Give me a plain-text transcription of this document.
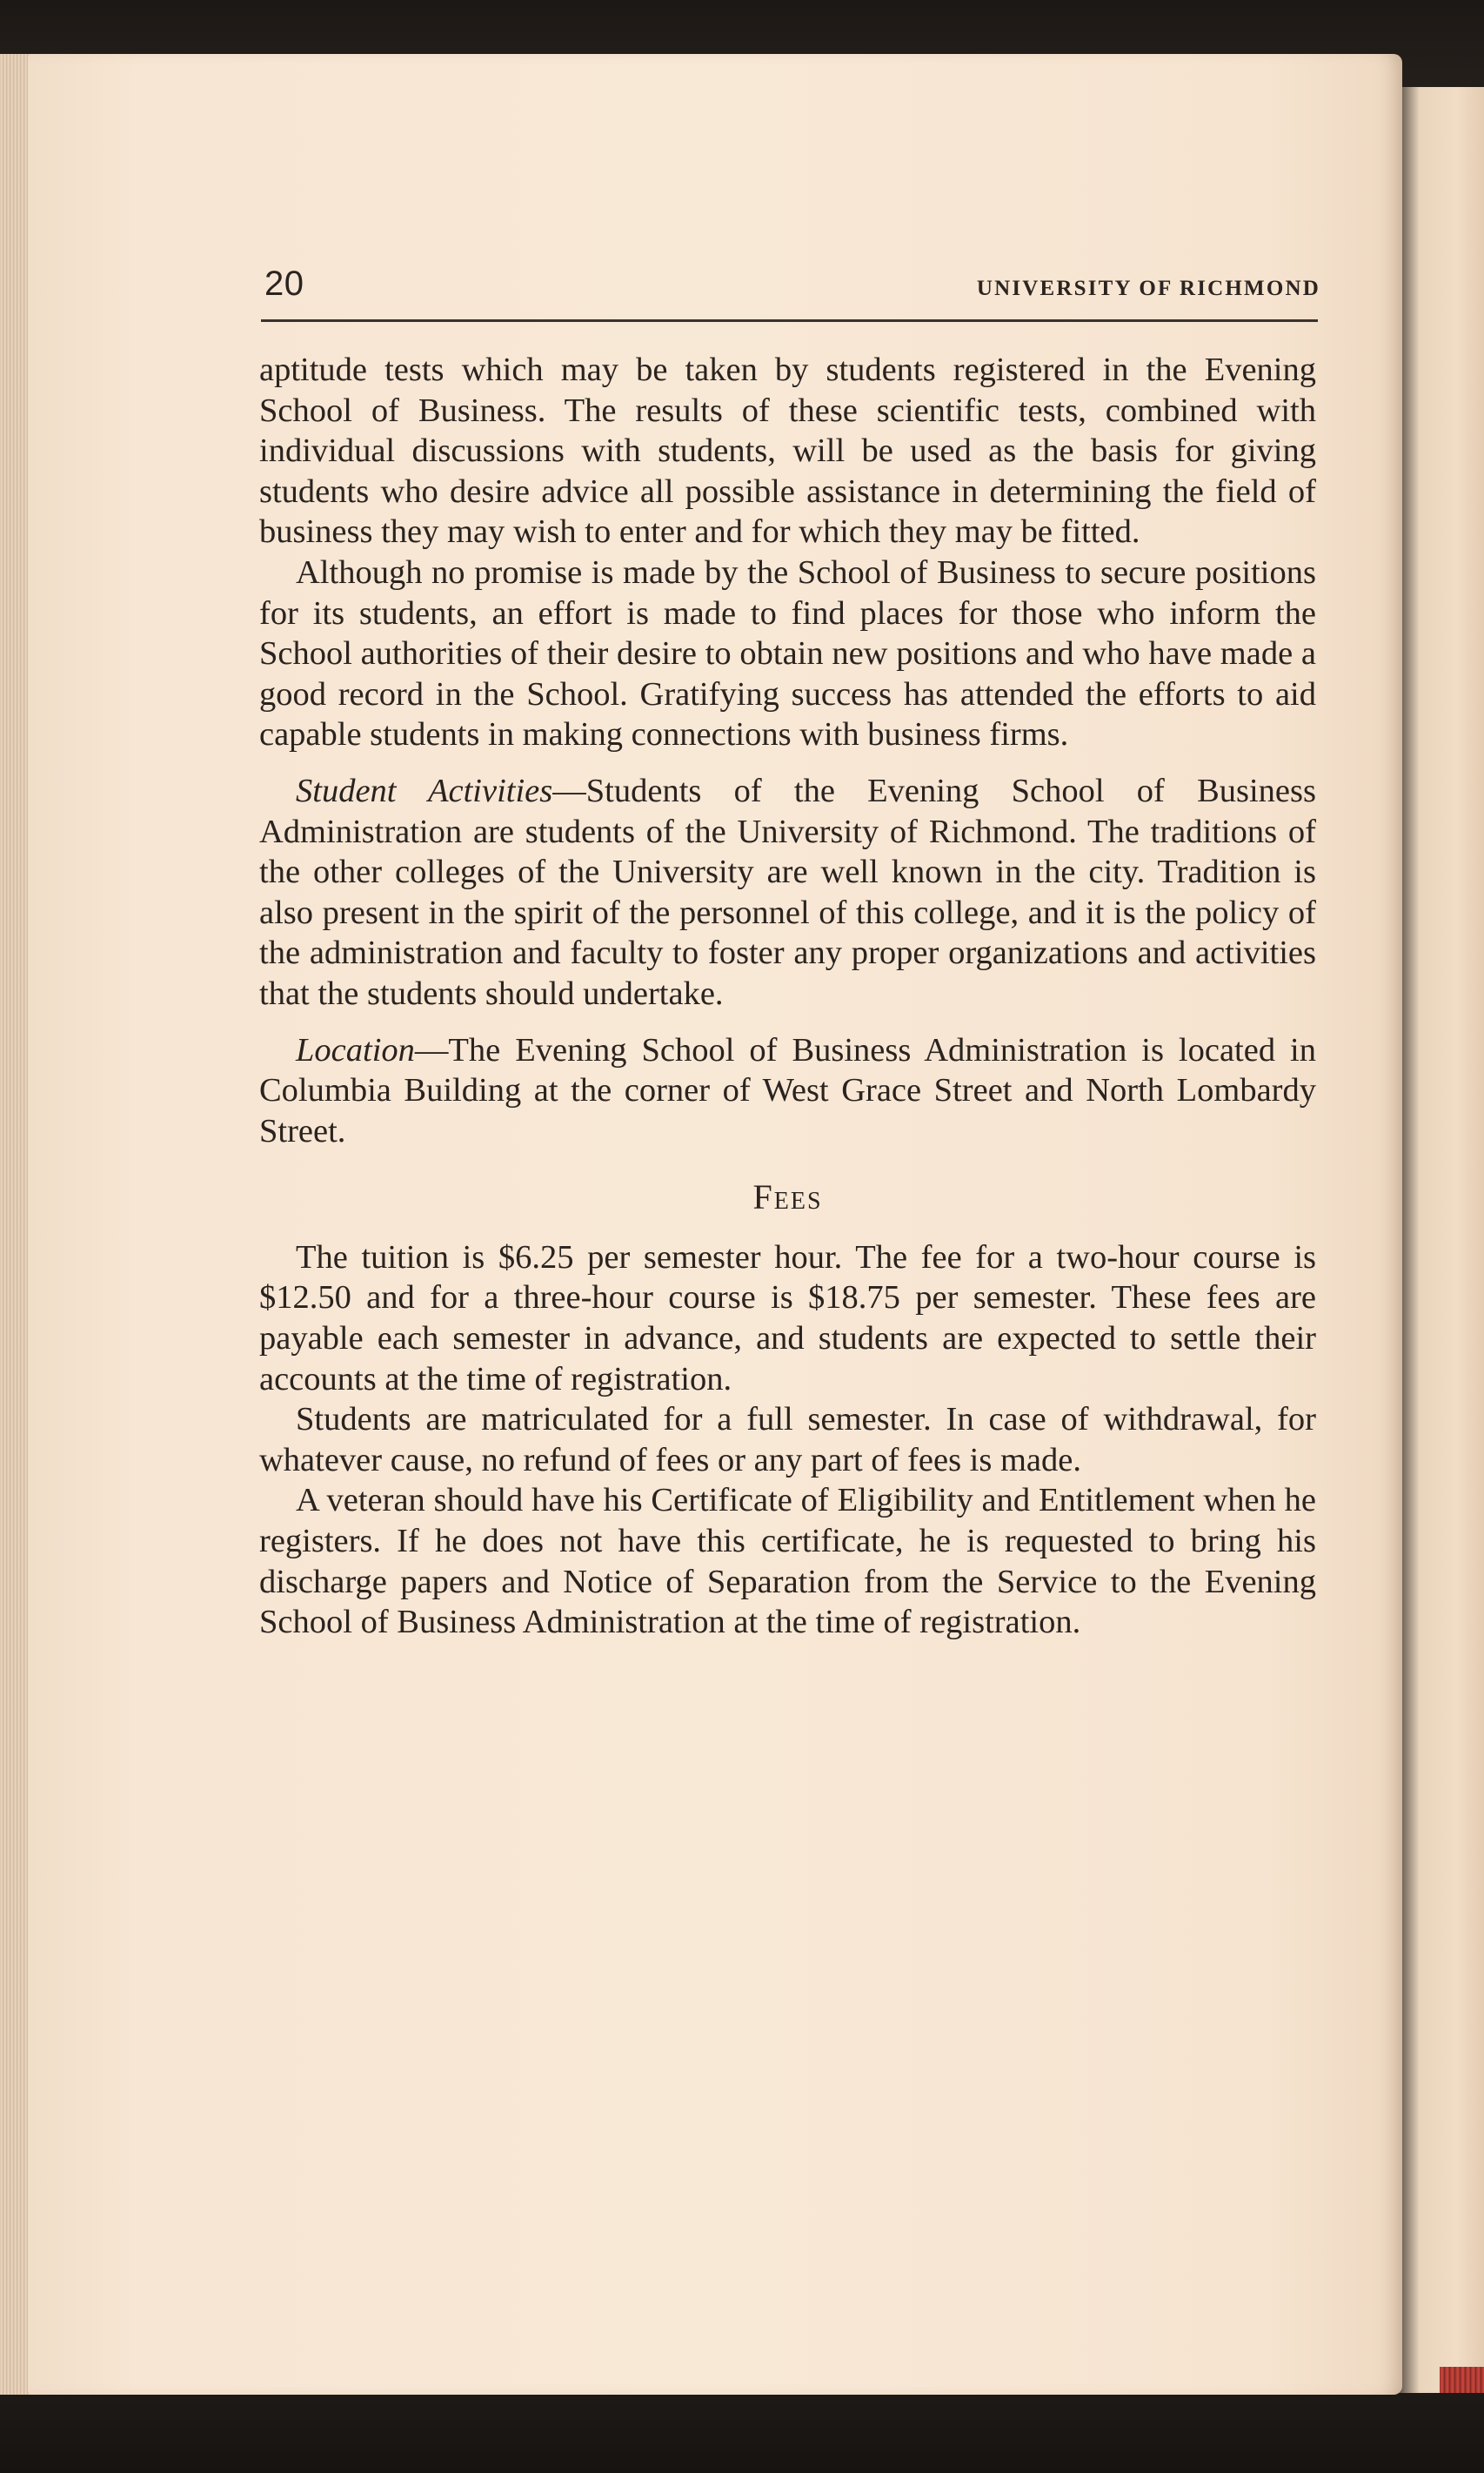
20	UNIVERSITY OF RICHMOND

aptitude tests which may be taken by students registered in the Evening School of Business. The results of these scientific tests, combined with individual discussions with students, will be used as the basis for giving students who desire advice all possible assistance in determining the field of business they may wish to enter and for which they may be fitted.

Although no promise is made by the School of Business to secure positions for its students, an effort is made to find places for those who inform the School authorities of their desire to obtain new positions and who have made a good record in the School. Gratifying success has attended the efforts to aid capable students in making connections with business firms.

Student Activities—Students of the Evening School of Business Administration are students of the University of Richmond. The traditions of the other colleges of the University are well known in the city. Tradition is also present in the spirit of the personnel of this college, and it is the policy of the administration and faculty to foster any proper organizations and activities that the students should undertake.

Location—The Evening School of Business Administration is located in Columbia Building at the corner of West Grace Street and North Lombardy Street.

Fees

The tuition is $6.25 per semester hour. The fee for a two-hour course is $12.50 and for a three-hour course is $18.75 per semester. These fees are payable each semester in advance, and students are expected to settle their accounts at the time of registration.

Students are matriculated for a full semester. In case of withdrawal, for whatever cause, no refund of fees or any part of fees is made.

A veteran should have his Certificate of Eligibility and Entitlement when he registers. If he does not have this certificate, he is requested to bring his discharge papers and Notice of Separation from the Service to the Evening School of Business Administration at the time of registration.
